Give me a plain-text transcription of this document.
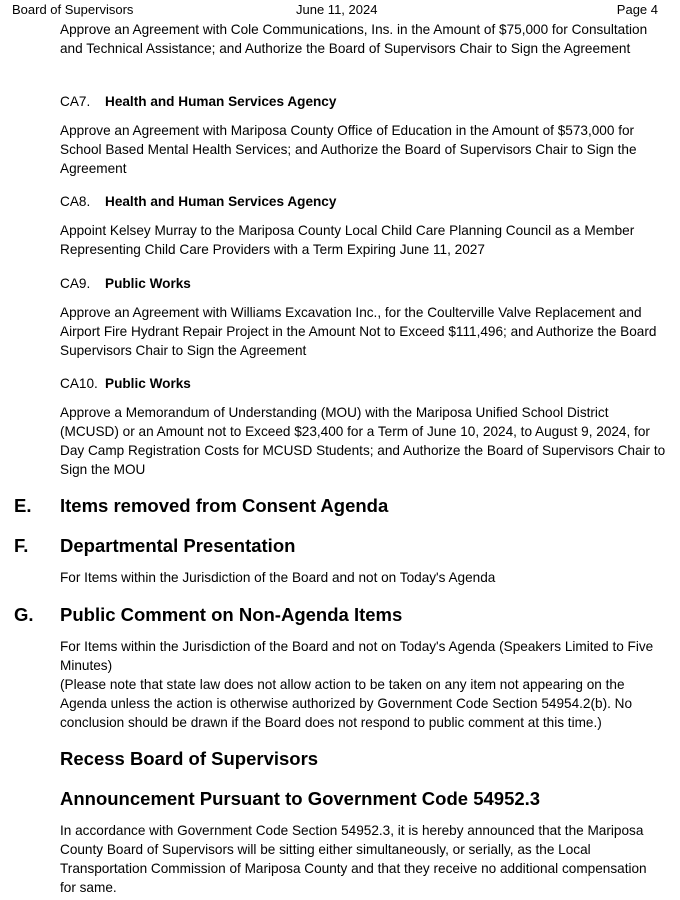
Board of Supervisors	June 11, 2024	Page 4
Approve an Agreement with Cole Communications, Ins. in the Amount of $75,000 for Consultation and Technical Assistance; and Authorize the Board of Supervisors Chair to Sign the Agreement
CA7. Health and Human Services Agency
Approve an Agreement with Mariposa County Office of Education in the Amount of $573,000 for School Based Mental Health Services; and Authorize the Board of Supervisors Chair to Sign the Agreement
CA8. Health and Human Services Agency
Appoint Kelsey Murray to the Mariposa County Local Child Care Planning Council as a Member Representing Child Care Providers with a Term Expiring June 11, 2027
CA9. Public Works
Approve an Agreement with Williams Excavation Inc., for the Coulterville Valve Replacement and Airport Fire Hydrant Repair Project in the Amount Not to Exceed $111,496; and Authorize the Board Supervisors Chair to Sign the Agreement
CA10. Public Works
Approve a Memorandum of Understanding (MOU) with the Mariposa Unified School District (MCUSD) or an Amount not to Exceed $23,400 for a Term of June 10, 2024, to August 9, 2024, for Day Camp Registration Costs for MCUSD Students; and Authorize the Board of Supervisors Chair to Sign the MOU
E. Items removed from Consent Agenda
F. Departmental Presentation
For Items within the Jurisdiction of the Board and not on Today's Agenda
G. Public Comment on Non-Agenda Items
For Items within the Jurisdiction of the Board and not on Today's Agenda (Speakers Limited to Five Minutes)
(Please note that state law does not allow action to be taken on any item not appearing on the Agenda unless the action is otherwise authorized by Government Code Section 54954.2(b). No conclusion should be drawn if the Board does not respond to public comment at this time.)
Recess Board of Supervisors
Announcement Pursuant to Government Code 54952.3
In accordance with Government Code Section 54952.3, it is hereby announced that the Mariposa County Board of Supervisors will be sitting either simultaneously, or serially, as the Local Transportation Commission of Mariposa County and that they receive no additional compensation for same.
